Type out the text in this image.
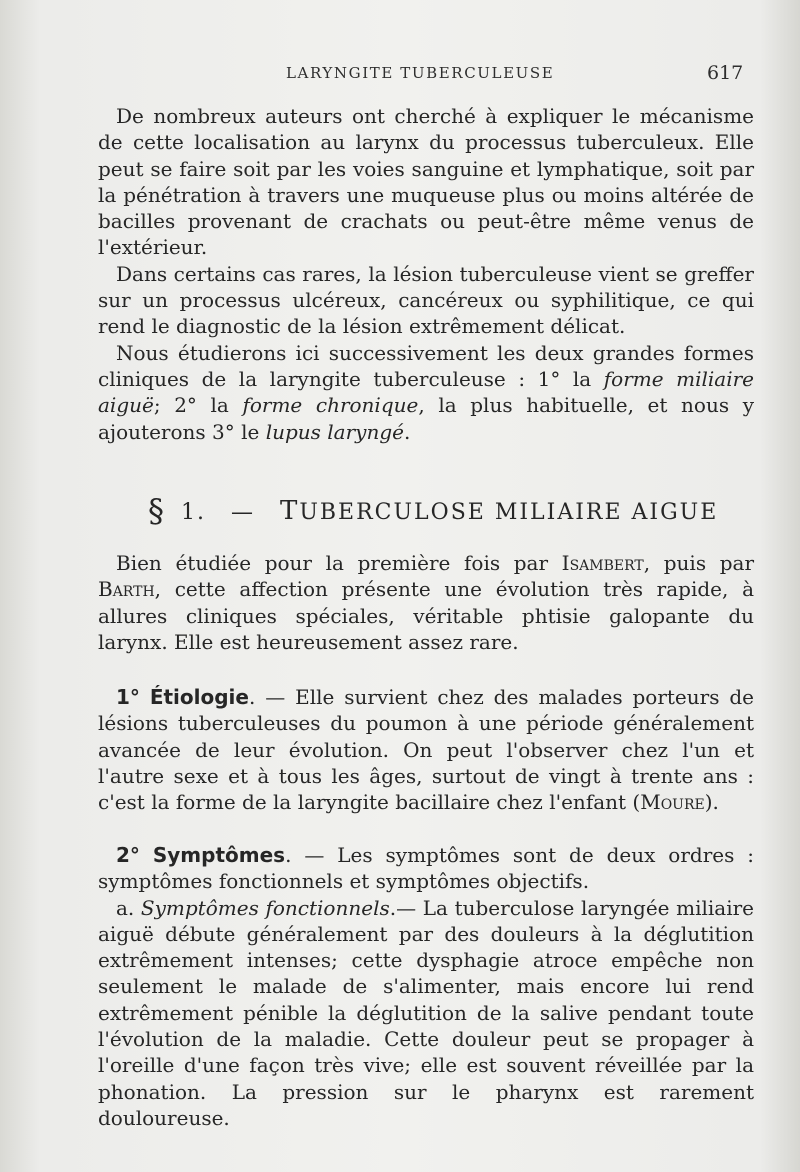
LARYNGITE TUBERCULEUSE	617

De nombreux auteurs ont cherché à expliquer le mécanisme de cette localisation au larynx du processus tuberculeux. Elle peut se faire soit par les voies sanguine et lymphatique, soit par la pénétration à travers une muqueuse plus ou moins altérée de bacilles provenant de crachats ou peut-être même venus de l'extérieur.

Dans certains cas rares, la lésion tuberculeuse vient se greffer sur un processus ulcéreux, cancéreux ou syphilitique, ce qui rend le diagnostic de la lésion extrêmement délicat.

Nous étudierons ici successivement les deux grandes formes cliniques de la laryngite tuberculeuse : 1° la forme miliaire aiguë; 2° la forme chronique, la plus habituelle, et nous y ajouterons 3° le lupus laryngé.

§ 1. — TUBERCULOSE MILIAIRE AIGUE

Bien étudiée pour la première fois par Isambert, puis par Barth, cette affection présente une évolution très rapide, à allures cliniques spéciales, véritable phtisie galopante du larynx. Elle est heureusement assez rare.

1° Étiologie. — Elle survient chez des malades porteurs de lésions tuberculeuses du poumon à une période généralement avancée de leur évolution. On peut l'observer chez l'un et l'autre sexe et à tous les âges, surtout de vingt à trente ans : c'est la forme de la laryngite bacillaire chez l'enfant (Moure).

2° Symptômes. — Les symptômes sont de deux ordres : symptômes fonctionnels et symptômes objectifs.

a. Symptômes fonctionnels.— La tuberculose laryngée miliaire aiguë débute généralement par des douleurs à la déglutition extrêmement intenses; cette dysphagie atroce empêche non seulement le malade de s'alimenter, mais encore lui rend extrêmement pénible la déglutition de la salive pendant toute l'évolution de la maladie. Cette douleur peut se propager à l'oreille d'une façon très vive; elle est souvent réveillée par la phonation. La pression sur le pharynx est rarement douloureuse.
